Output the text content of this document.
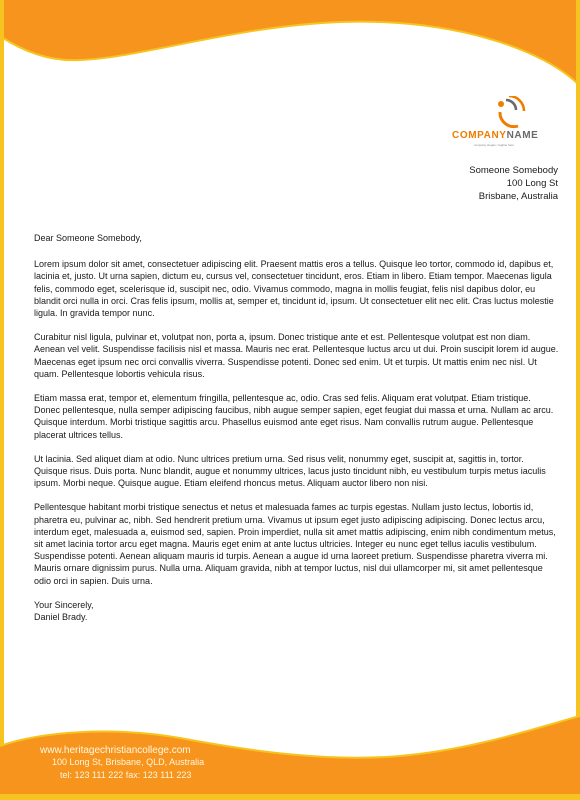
COMPANYNAME
company slogan / tagline here
Someone Somebody
100 Long St
Brisbane, Australia

Dear Someone Somebody,

Lorem ipsum dolor sit amet, consectetuer adipiscing elit. Praesent mattis eros a tellus. Quisque leo tortor, commodo id, dapibus et, lacinia et, justo. Ut urna sapien, dictum eu, cursus vel, consectetuer tincidunt, eros. Etiam in libero. Etiam tempor. Maecenas ligula felis, commodo eget, scelerisque id, suscipit nec, odio. Vivamus commodo, magna in mollis feugiat, felis nisl dapibus dolor, eu blandit orci nulla in orci. Cras felis ipsum, mollis at, semper et, tincidunt id, ipsum. Ut consectetuer elit nec elit. Cras luctus molestie ligula. In gravida tempor nunc.

Curabitur nisl ligula, pulvinar et, volutpat non, porta a, ipsum. Donec tristique ante et est. Pellentesque volutpat est non diam. Aenean vel velit. Suspendisse facilisis nisl et massa. Mauris nec erat. Pellentesque luctus arcu ut dui. Proin suscipit lorem id augue. Maecenas eget ipsum nec orci convallis viverra. Suspendisse potenti. Donec sed enim. Ut et turpis. Ut mattis enim nec nisl. Ut quam. Pellentesque lobortis vehicula risus.

Etiam massa erat, tempor et, elementum fringilla, pellentesque ac, odio. Cras sed felis. Aliquam erat volutpat. Etiam tristique. Donec pellentesque, nulla semper adipiscing faucibus, nibh augue semper sapien, eget feugiat dui massa et urna. Nullam ac arcu. Quisque interdum. Morbi tristique sagittis arcu. Phasellus euismod ante eget risus. Nam convallis rutrum augue. Pellentesque placerat ultrices tellus.

Ut lacinia. Sed aliquet diam at odio. Nunc ultrices pretium urna. Sed risus velit, nonummy eget, suscipit at, sagittis in, tortor. Quisque risus. Duis porta. Nunc blandit, augue et nonummy ultrices, lacus justo tincidunt nibh, eu vestibulum turpis metus iaculis ipsum. Morbi neque. Quisque augue. Etiam eleifend rhoncus metus. Aliquam auctor libero non nisi.

Pellentesque habitant morbi tristique senectus et netus et malesuada fames ac turpis egestas. Nullam justo lectus, lobortis id, pharetra eu, pulvinar ac, nibh. Sed hendrerit pretium urna. Vivamus ut ipsum eget justo adipiscing adipiscing. Donec lectus arcu, interdum eget, malesuada a, euismod sed, sapien. Proin imperdiet, nulla sit amet mattis adipiscing, enim nibh condimentum metus, sit amet lacinia tortor arcu eget magna. Mauris eget enim at ante luctus ultricies. Integer eu nunc eget tellus iaculis vestibulum. Suspendisse potenti. Aenean aliquam mauris id turpis. Aenean a augue id urna laoreet pretium. Suspendisse pharetra viverra mi. Mauris ornare dignissim purus. Nulla urna. Aliquam gravida, nibh at tempor luctus, nisl dui ullamcorper mi, sit amet pellentesque odio orci in sapien. Duis urna.

Your Sincerely,

Daniel Brady.

www.heritagechristiancollege.com
100 Long St, Brisbane, QLD, Australia
tel: 123 111 222 fax: 123 111 223
